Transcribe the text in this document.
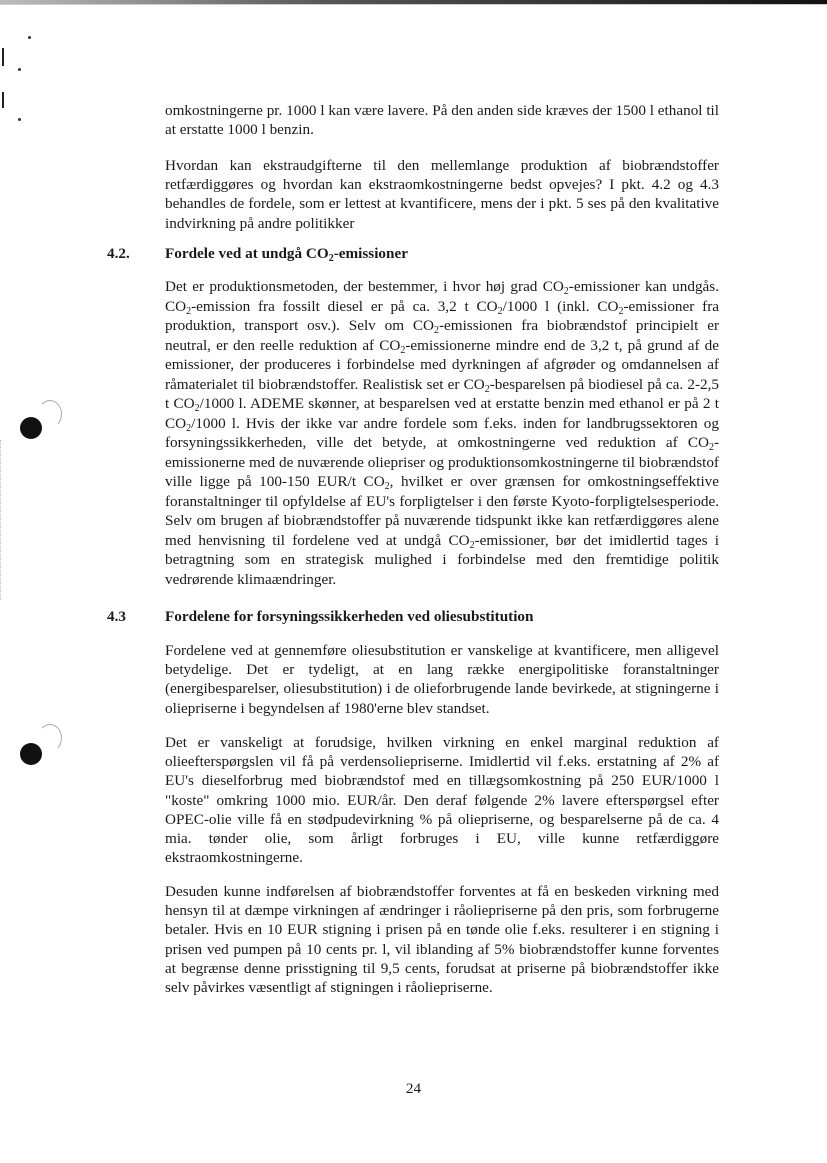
omkostningerne pr. 1000 l kan være lavere. På den anden side kræves der 1500 l ethanol til at erstatte 1000 l benzin.

Hvordan kan ekstraudgifterne til den mellemlange produktion af biobrændstoffer retfærdiggøres og hvordan kan ekstraomkostningerne bedst opvejes? I pkt. 4.2 og 4.3 behandles de fordele, som er lettest at kvantificere, mens der i pkt. 5 ses på den kvalitative indvirkning på andre politikker

4.2. Fordele ved at undgå $CO_2$-emissioner

Det er produktionsmetoden, der bestemmer, i hvor høj grad $CO_2$-emissioner kan undgås. $CO_2$-emission fra fossilt diesel er på ca. 3,2 t $CO_2/1000$ l (inkl. $CO_2$-emissioner fra produktion, transport osv.). Selv om $CO_2$-emissionen fra biobrændstof principielt er neutral, er den reelle reduktion af $CO_2$-emissionerne mindre end de 3,2 t, på grund af de emissioner, der produceres i forbindelse med dyrkningen af afgrøder og omdannelsen af råmaterialet til biobrændstoffer. Realistisk set er $CO_2$-besparelsen på biodiesel på ca. 2-2,5 t $CO_2/1000$ l. ADEME skønner, at besparelsen ved at erstatte benzin med ethanol er på 2 t $CO_2/1000$ l. Hvis der ikke var andre fordele som f.eks. inden for landbrugssektoren og forsyningssikkerheden, ville det betyde, at omkostningerne ved reduktion af $CO_2$-emissionerne med de nuværende oliepriser og produktionsomkostningerne til biobrændstof ville ligge på 100-150 EUR/t $CO_2$, hvilket er over grænsen for omkostningseffektive foranstaltninger til opfyldelse af EU's forpligtelser i den første Kyoto-forpligtelsesperiode. Selv om brugen af biobrændstoffer på nuværende tidspunkt ikke kan retfærdiggøres alene med henvisning til fordelene ved at undgå $CO_2$-emissioner, bør det imidlertid tages i betragtning som en strategisk mulighed i forbindelse med den fremtidige politik vedrørende klimaændringer.

4.3	Fordelene for forsyningssikkerheden ved oliesubstitution

Fordelene ved at gennemføre oliesubstitution er vanskelige at kvantificere, men alligevel betydelige. Det er tydeligt, at en lang række energipolitiske foranstaltninger (energibesparelser, oliesubstitution) i de olieforbrugende lande bevirkede, at stigningerne i oliepriserne i begyndelsen af 1980'erne blev standset.

Det er vanskeligt at forudsige, hvilken virkning en enkel marginal reduktion af olieefterspørgslen vil få på verdensoliepriserne. Imidlertid vil f.eks. erstatning af 2% af EU's dieselforbrug med biobrændstof med en tillægsomkostning på 250 EUR/1000 l "koste" omkring 1000 mio. EUR/år. Den deraf følgende 2% lavere efterspørgsel efter OPEC-olie ville få en stødpudevirkning % på oliepriserne, og besparelserne på de ca. 4 mia. tønder olie, som årligt forbruges i EU, ville kunne retfærdiggøre ekstraomkostningerne.

Desuden kunne indførelsen af biobrændstoffer forventes at få en beskeden virkning med hensyn til at dæmpe virkningen af ændringer i råoliepriserne på den pris, som forbrugerne betaler. Hvis en 10 EUR stigning i prisen på en tønde olie f.eks. resulterer i en stigning i prisen ved pumpen på 10 cents pr. l, vil iblanding af 5% biobrændstoffer kunne forventes at begrænse denne prisstigning til 9,5 cents, forudsat at priserne på biobrændstoffer ikke selv påvirkes væsentligt af stigningen i råoliepriserne.

24
